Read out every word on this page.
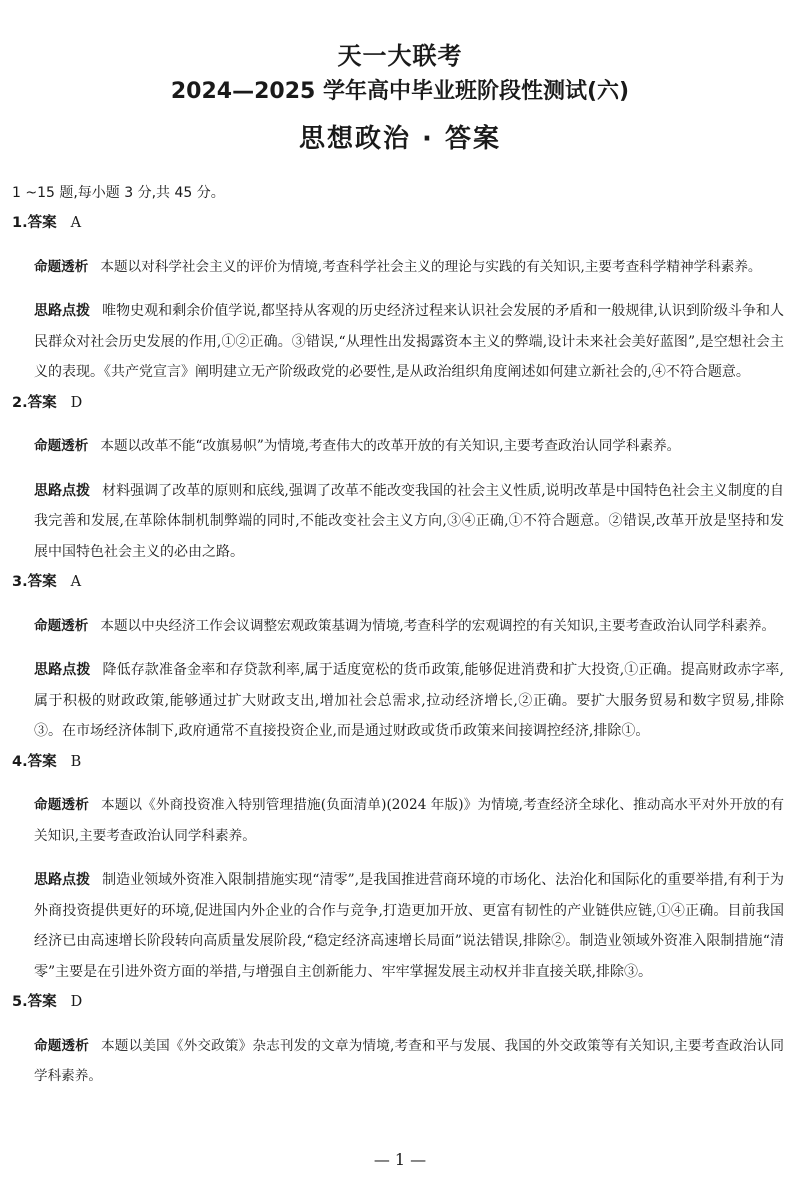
天一大联考
2024—2025 学年高中毕业班阶段性测试(六)
思想政治 · 答案
1 ~15 题,每小题 3 分,共 45 分。
1.答案 A

命题透析 本题以对科学社会主义的评价为情境,考查科学社会主义的理论与实践的有关知识,主要考查科学精神学科素养。

思路点拨 唯物史观和剩余价值学说,都坚持从客观的历史经济过程来认识社会发展的矛盾和一般规律,认识到阶级斗争和人民群众对社会历史发展的作用,①②正确。③错误,“从理性出发揭露资本主义的弊端,设计未来社会美好蓝图”,是空想社会主义的表现。《共产党宣言》阐明建立无产阶级政党的必要性,是从政治组织角度阐述如何建立新社会的,④不符合题意。

2.答案 D

命题透析 本题以改革不能“改旗易帜”为情境,考查伟大的改革开放的有关知识,主要考查政治认同学科素养。

思路点拨 材料强调了改革的原则和底线,强调了改革不能改变我国的社会主义性质,说明改革是中国特色社会主义制度的自我完善和发展,在革除体制机制弊端的同时,不能改变社会主义方向,③④正确,①不符合题意。②错误,改革开放是坚持和发展中国特色社会主义的必由之路。

3.答案 A

命题透析 本题以中央经济工作会议调整宏观政策基调为情境,考查科学的宏观调控的有关知识,主要考查政治认同学科素养。

思路点拨 降低存款准备金率和存贷款利率,属于适度宽松的货币政策,能够促进消费和扩大投资,①正确。提高财政赤字率,属于积极的财政政策,能够通过扩大财政支出,增加社会总需求,拉动经济增长,②正确。要扩大服务贸易和数字贸易,排除③。在市场经济体制下,政府通常不直接投资企业,而是通过财政或货币政策来间接调控经济,排除①。

4.答案 B

命题透析 本题以《外商投资准入特别管理措施(负面清单)(2024 年版)》为情境,考查经济全球化、推动高水平对外开放的有关知识,主要考查政治认同学科素养。

思路点拨 制造业领域外资准入限制措施实现“清零”,是我国推进营商环境的市场化、法治化和国际化的重要举措,有利于为外商投资提供更好的环境,促进国内外企业的合作与竞争,打造更加开放、更富有韧性的产业链供应链,①④正确。目前我国经济已由高速增长阶段转向高质量发展阶段,“稳定经济高速增长局面”说法错误,排除②。制造业领域外资准入限制措施“清零”主要是在引进外资方面的举措,与增强自主创新能力、牢牢掌握发展主动权并非直接关联,排除③。

5.答案 D

命题透析 本题以美国《外交政策》杂志刊发的文章为情境,考查和平与发展、我国的外交政策等有关知识,主要考查政治认同学科素养。

— 1 —
